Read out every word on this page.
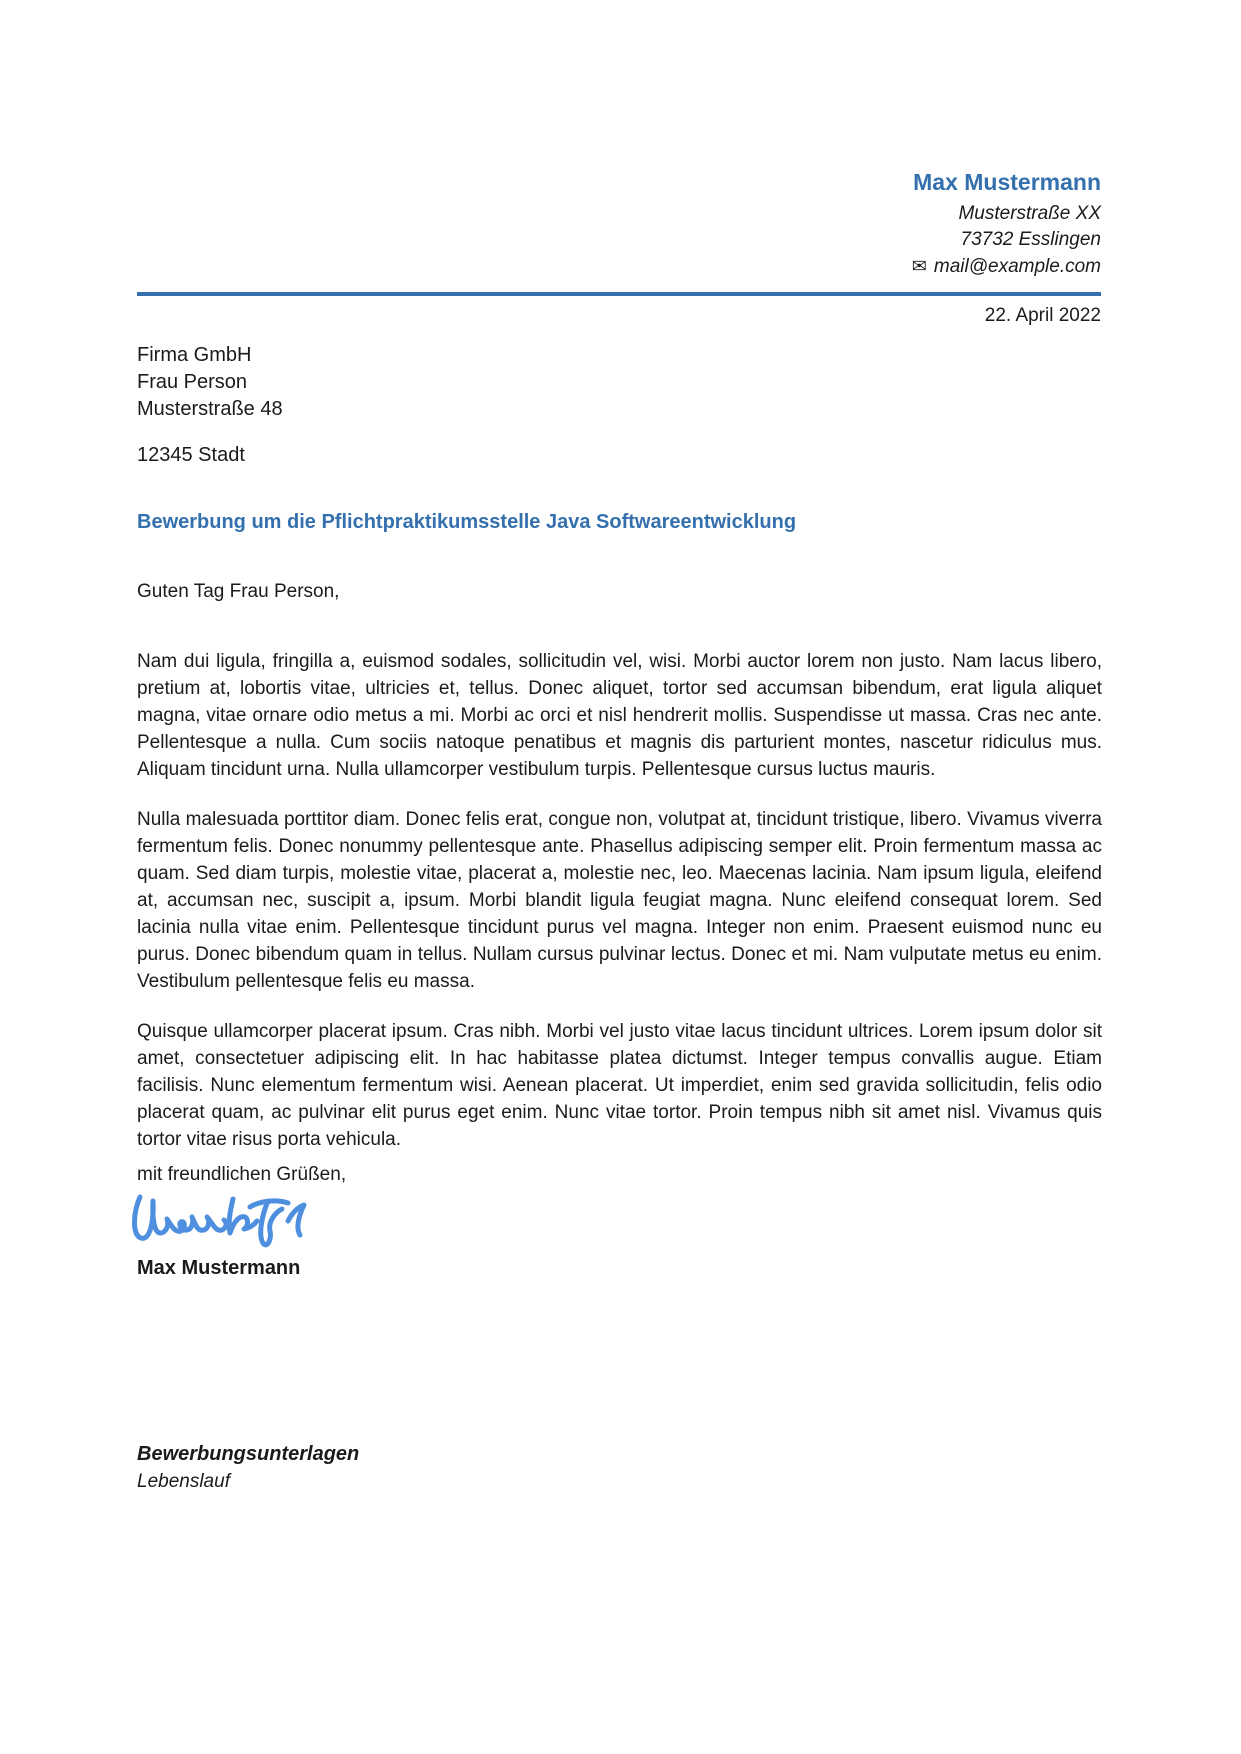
Max Mustermann
Musterstraße XX
73732 Esslingen
✉ mail@example.com
22. April 2022
Firma GmbH
Frau Person
Musterstraße 48
12345 Stadt
Bewerbung um die Pflichtpraktikumsstelle Java Softwareentwicklung
Guten Tag Frau Person,

Nam dui ligula, fringilla a, euismod sodales, sollicitudin vel, wisi. Morbi auctor lorem non justo. Nam lacus libero, pretium at, lobortis vitae, ultricies et, tellus. Donec aliquet, tortor sed accumsan bibendum, erat ligula aliquet magna, vitae ornare odio metus a mi. Morbi ac orci et nisl hendrerit mollis. Suspendisse ut massa. Cras nec ante. Pellentesque a nulla. Cum sociis natoque penatibus et magnis dis parturient montes, nascetur ridiculus mus. Aliquam tincidunt urna. Nulla ullamcorper vestibulum turpis. Pellentesque cursus luctus mauris.

Nulla malesuada porttitor diam. Donec felis erat, congue non, volutpat at, tincidunt tristique, libero. Vivamus viverra fermentum felis. Donec nonummy pellentesque ante. Phasellus adipiscing semper elit. Proin fermentum massa ac quam. Sed diam turpis, molestie vitae, placerat a, molestie nec, leo. Maecenas lacinia. Nam ipsum ligula, eleifend at, accumsan nec, suscipit a, ipsum. Morbi blandit ligula feugiat magna. Nunc eleifend consequat lorem. Sed lacinia nulla vitae enim. Pellentesque tincidunt purus vel magna. Integer non enim. Praesent euismod nunc eu purus. Donec bibendum quam in tellus. Nullam cursus pulvinar lectus. Donec et mi. Nam vulputate metus eu enim. Vestibulum pellentesque felis eu massa.

Quisque ullamcorper placerat ipsum. Cras nibh. Morbi vel justo vitae lacus tincidunt ultrices. Lorem ipsum dolor sit amet, consectetuer adipiscing elit. In hac habitasse platea dictumst. Integer tempus convallis augue. Etiam facilisis. Nunc elementum fermentum wisi. Aenean placerat. Ut imperdiet, enim sed gravida sollicitudin, felis odio placerat quam, ac pulvinar elit purus eget enim. Nunc vitae tortor. Proin tempus nibh sit amet nisl. Vivamus quis tortor vitae risus porta vehicula.

mit freundlichen Grüßen,
Max Mustermann
Bewerbungsunterlagen
Lebenslauf
